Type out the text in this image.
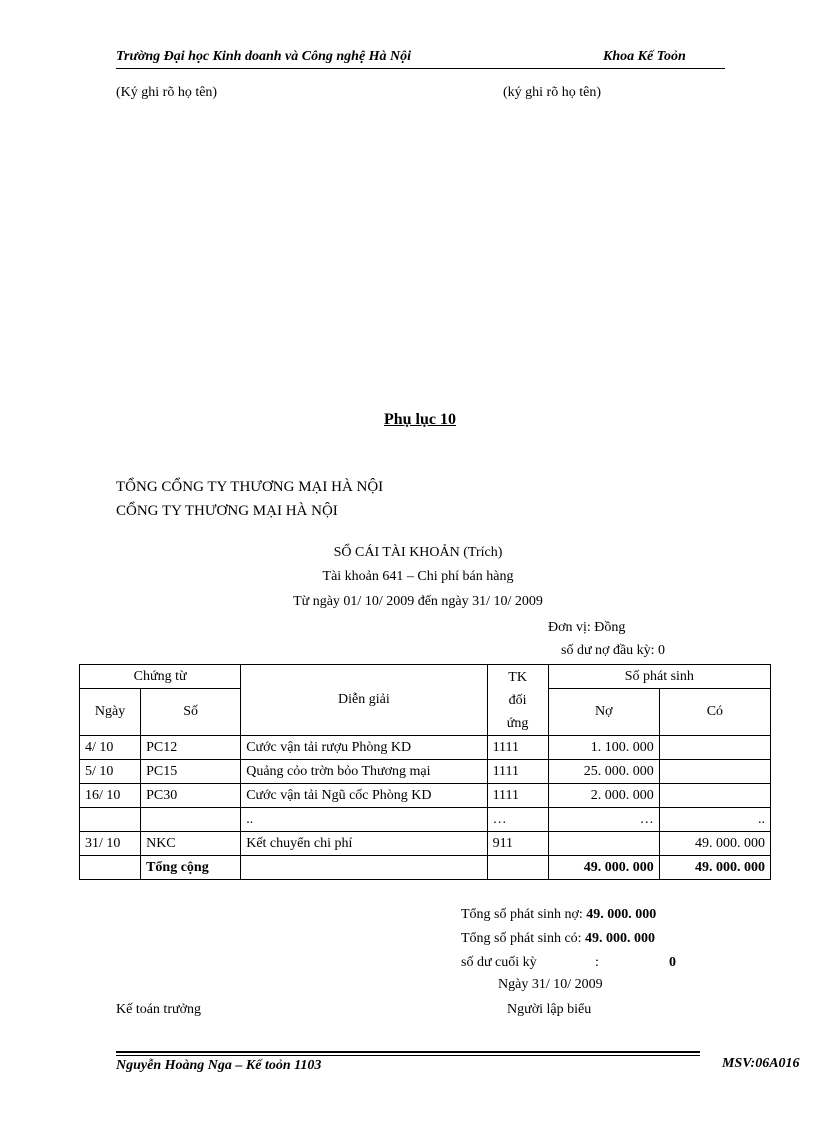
Trường Đại học Kinh doanh và Công nghệ Hà Nội	Khoa Kế Toỏn
(Ký ghi rõ họ tên)	(ký ghi rõ họ tên)
Phụ lục 10
TỔNG CỔNG TY THƯƠNG MẠI HÀ NỘI
CỔNG TY THƯƠNG MẠI HÀ NỘI
SỔ CÁI TÀI KHOẢN (Trích)
Tài khoản 641 – Chi phí bán hàng
Từ ngày 01/ 10/ 2009 đến ngày 31/ 10/ 2009
Đơn vị: Đồng
số dư nợ đầu kỳ: 0
Chứng từ		Diễn giải	TK
đối
ứng	Số phát sinh	
Ngày	Số			Nợ	Có
4/ 10	PC12	Cước vận tải rượu Phòng KD	1111	1. 100. 000	
5/ 10	PC15	Quảng cỏo trờn bỏo Thương mại	1111	25. 000. 000	
16/ 10	PC30	Cước vận tải Ngũ cốc Phòng KD	1111	2. 000. 000	
		..	…	…	..
31/ 10	NKC	Kết chuyển chi phí	911		49. 000. 000
	Tổng cộng			49. 000. 000	49. 000. 000
Tổng số phát sinh nợ: 49. 000. 000
Tổng số phát sinh có: 49. 000. 000
số dư cuối kỳ	:	0
Ngày 31/ 10/ 2009
Kế toán trưởng	Người lập biểu
Nguyễn Hoàng Nga – Kế toỏn 1103	MSV:06A016
